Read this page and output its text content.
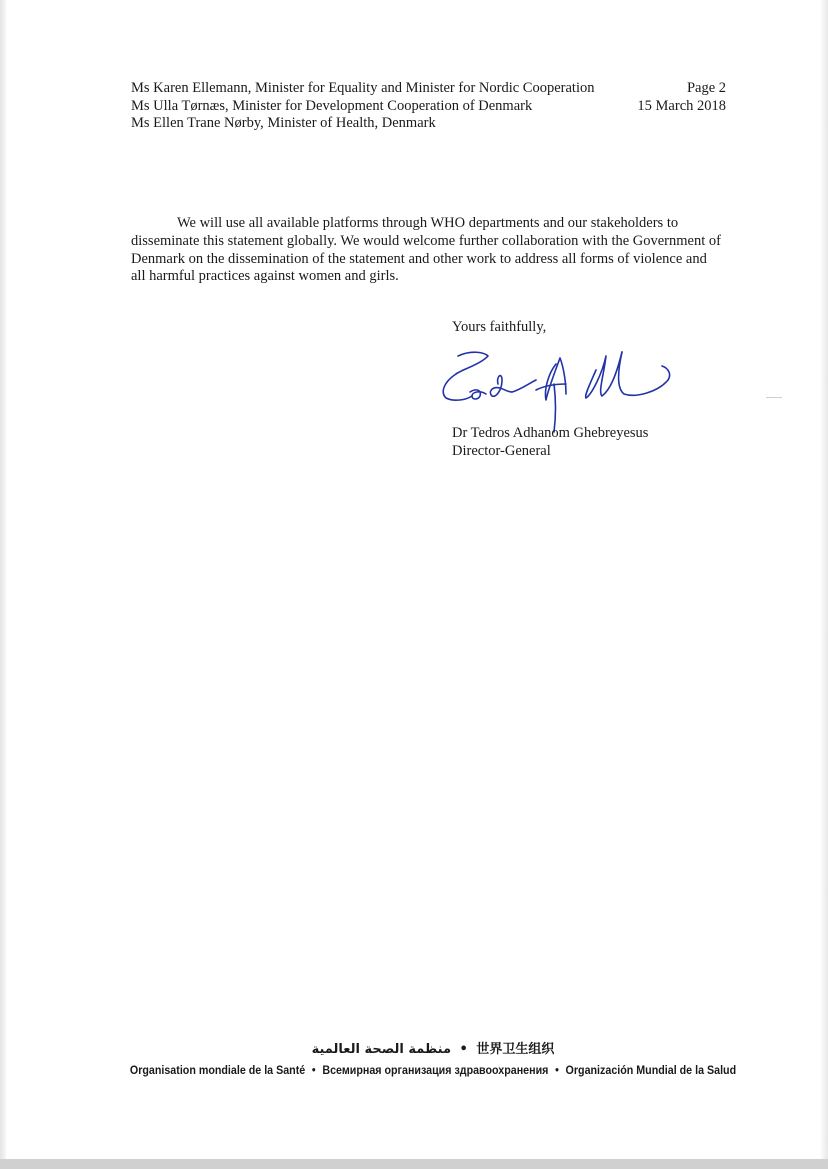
Ms Karen Ellemann, Minister for Equality and Minister for Nordic Cooperation
Ms Ulla Tørnæs, Minister for Development Cooperation of Denmark
Ms Ellen Trane Nørby, Minister of Health, Denmark
Page 2
15 March 2018

We will use all available platforms through WHO departments and our stakeholders to disseminate this statement globally. We would welcome further collaboration with the Government of Denmark on the dissemination of the statement and other work to address all forms of violence and all harmful practices against women and girls.

Yours faithfully,
Dr Tedros Adhanom Ghebreyesus
Director-General
منظمة الصحة العالمية • 世界卫生组织
Organisation mondiale de la Santé • Всемирная организация здравоохранения • Organización Mundial de la Salud
